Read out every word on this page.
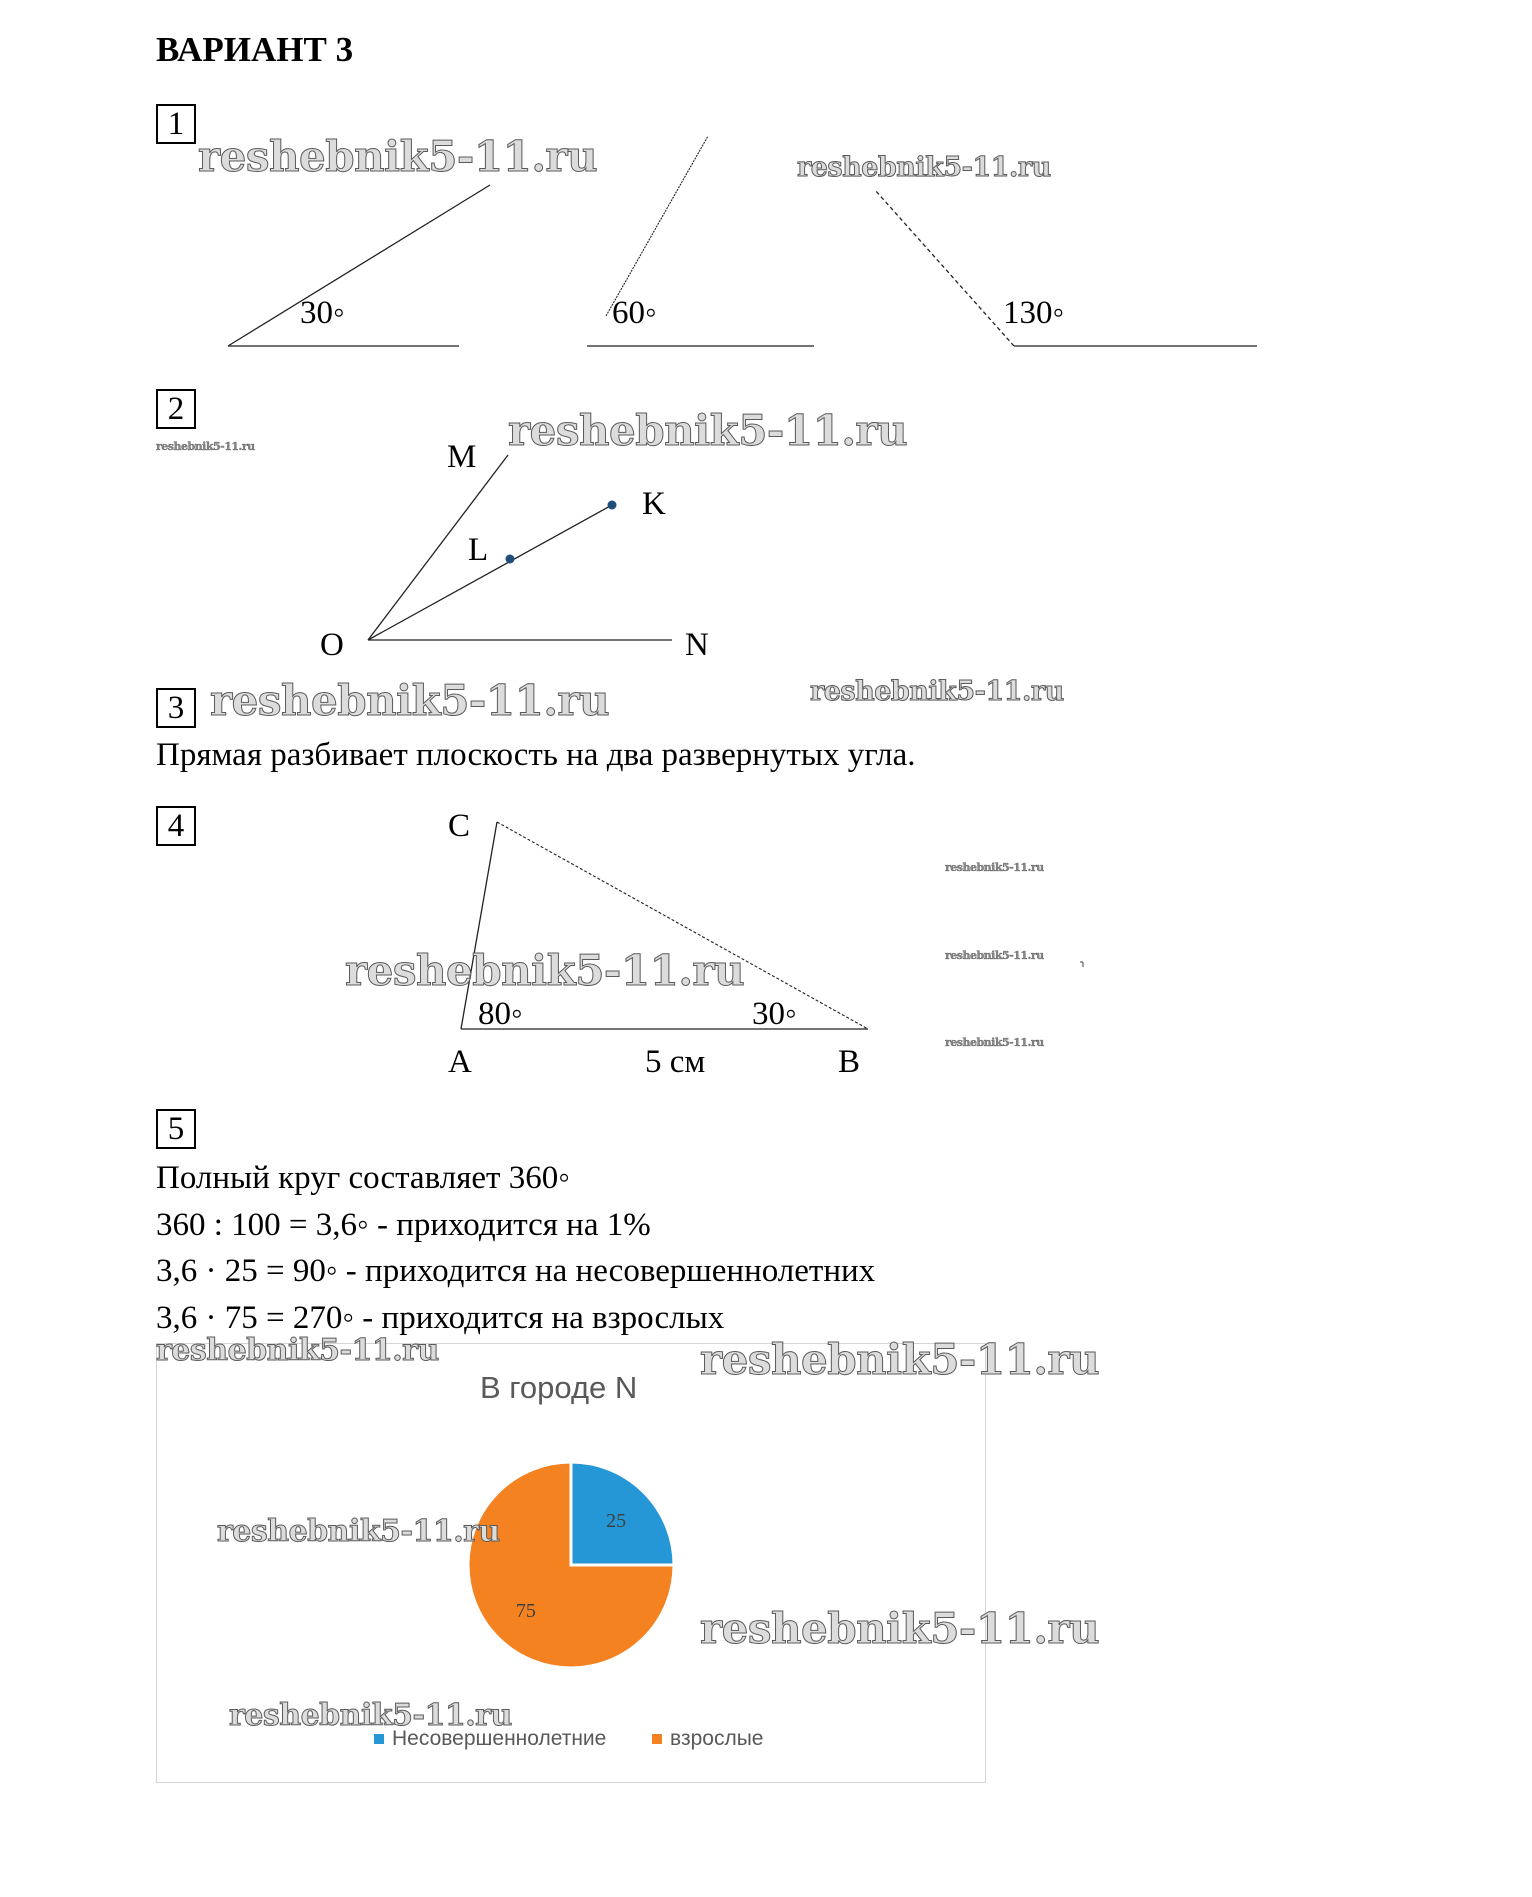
ВАРИАНТ 3
1
reshebnik5-11.ru	reshebnik5-11.ru
30◦	60◦	130◦
2
reshebnik5-11.ru	reshebnik5-11.ru
M
K
L
O	N
3 reshebnik5-11.ru	reshebnik5-11.ru
Прямая разбивает плоскость на два развернутых угла.
4
reshebnik5-11.ru
reshebnik5-11.ru
reshebnik5-11.ru
C
A	B
80◦	30◦
5 см
reshebnik5-11.ru
5
Полный круг составляет 360◦
360 : 100 = 3,6◦ - приходится на 1%
3,6 · 25 = 90◦ - приходится на несовершеннолетних
3,6 · 75 = 270◦ - приходится на взрослых
В городе N
25
75
Несовершеннолетние	взрослые
reshebnik5-11.ru	reshebnik5-11.ru
reshebnik5-11.ru
reshebnik5-11.ru
reshebnik5-11.ru
